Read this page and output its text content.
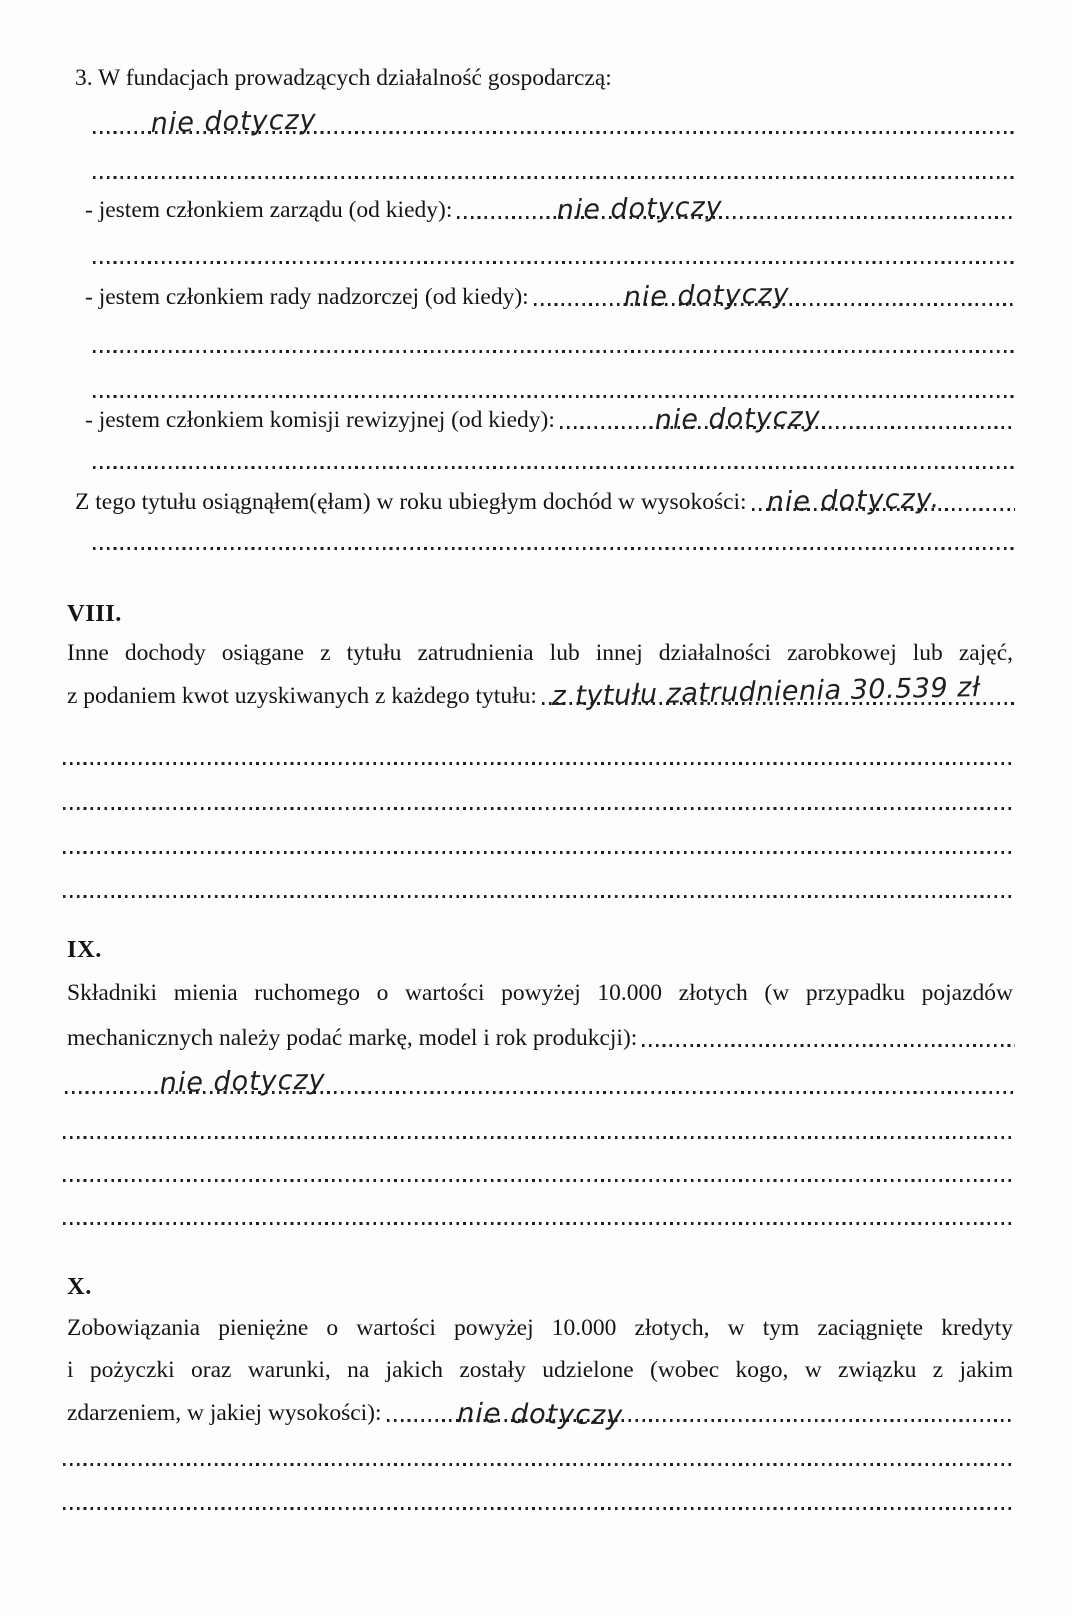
3. W fundacjach prowadzących działalność gospodarczą:
nie dotyczy
- jestem członkiem zarządu (od kiedy):	nie dotyczy
- jestem członkiem rady nadzorczej (od kiedy):	nie dotyczy
- jestem członkiem komisji rewizyjnej (od kiedy):	nie dotyczy
Z tego tytułu osiągnąłem(ęłam) w roku ubiegłym dochód w wysokości: nie dotyczy.
VIII.
Inne dochody osiągane z tytułu zatrudnienia lub innej działalności zarobkowej lub zajęć,
z podaniem kwot uzyskiwanych z każdego tytułu: z tytułu zatrudnienia 30.539 zł
IX.
Składniki mienia ruchomego o wartości powyżej 10.000 złotych (w przypadku pojazdów
mechanicznych należy podać markę, model i rok produkcji):
nie dotyczy
X.
Zobowiązania pieniężne o wartości powyżej 10.000 złotych, w tym zaciągnięte kredyty
i pożyczki oraz warunki, na jakich zostały udzielone (wobec kogo, w związku z jakim
zdarzeniem, w jakiej wysokości):	nie dotyczy
